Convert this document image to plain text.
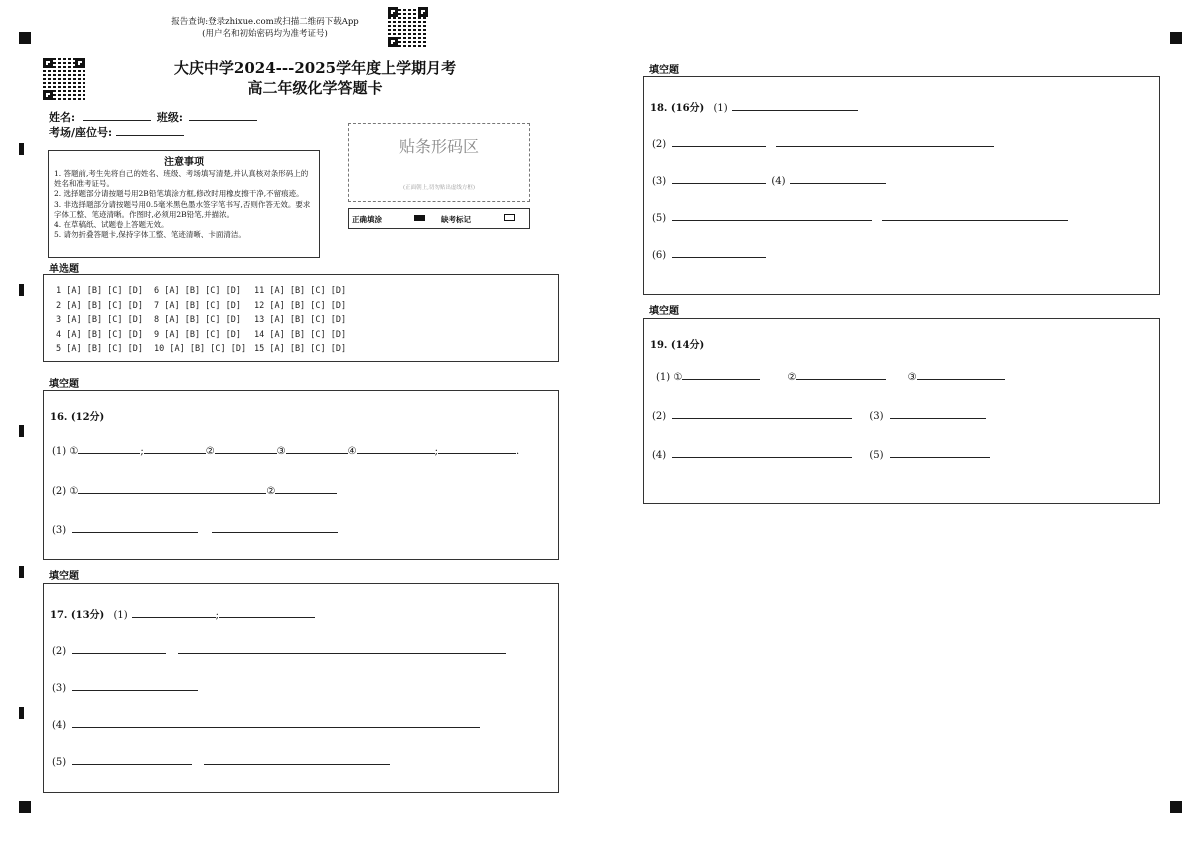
报告查询:登录zhixue.com或扫描二维码下载App
(用户名和初始密码均为准考证号)
大庆中学2024---2025学年度上学期月考
高二年级化学答题卡
姓名:	班级:
考场/座位号:
贴条形码区
(正面朝上,切勿贴出虚线方框)
正确填涂	缺考标记
注意事项
1. 答题前,考生先将自己的姓名、班级、考场填写清楚,并认真核对条形码上的姓名和准考证号。
2. 选择题部分请按题号用2B铅笔填涂方框,修改时用橡皮擦干净,不留痕迹。
3. 非选择题部分请按题号用0.5毫米黑色墨水签字笔书写,否则作答无效。要求字体工整、笔迹清晰。作图时,必须用2B铅笔,并描浓。
4. 在草稿纸、试题卷上答题无效。
5. 请勿折叠答题卡,保持字体工整、笔迹清晰、卡面清洁。
单选题
1 [A] [B] [C] [D]
2 [A] [B] [C] [D]
3 [A] [B] [C] [D]
4 [A] [B] [C] [D]
5 [A] [B] [C] [D]
6 [A] [B] [C] [D]
7 [A] [B] [C] [D]
8 [A] [B] [C] [D]
9 [A] [B] [C] [D]
10 [A] [B] [C] [D]
11 [A] [B] [C] [D]
12 [A] [B] [C] [D]
13 [A] [B] [C] [D]
14 [A] [B] [C] [D]
15 [A] [B] [C] [D]
填空题
16. (12分)
(1) ①	;	②	③	④	;	.
(2) ①	②
(3)
填空题
17. (13分) (1)	;
(2)
(3)
(4)
(5)
填空题
18. (16分) (1)
(2)
(3)	(4)
(5)
(6)
填空题
19. (14分)
(1) ①	②	③
(2)	(3)
(4)	(5)
